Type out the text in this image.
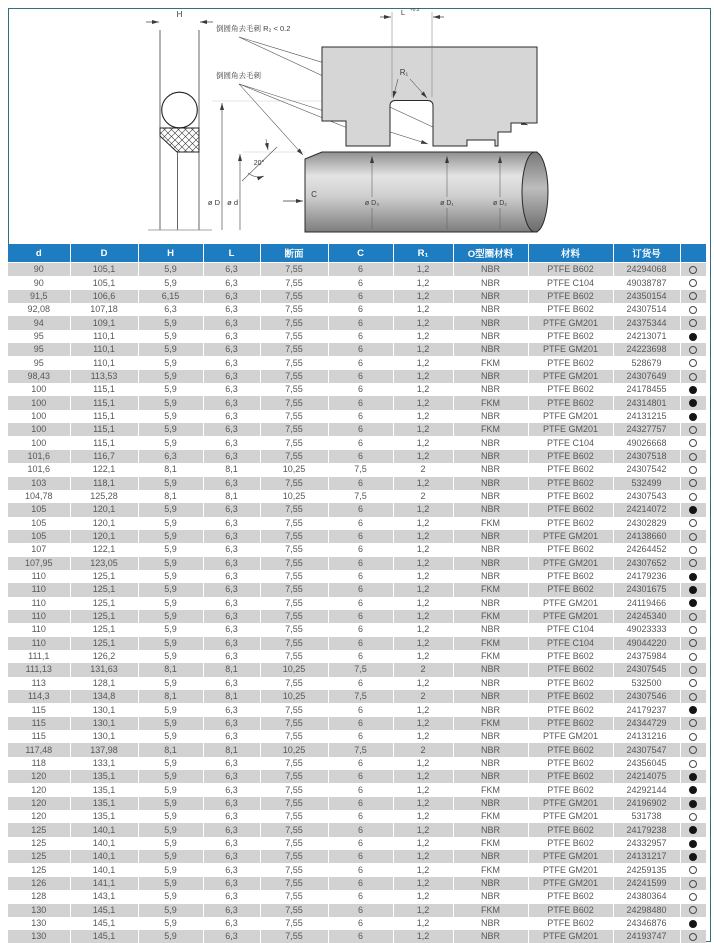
H
倒圆角去毛刺 R₂ < 0.2
倒圆角去毛刺
ø D ø d
20°
L +0.2
R₁
C
ø D₃	ø D₁	ø D₂
d	D	H	L	断面	C	R₁	O型圈材料	材料	订货号	
90	105,1	5,9	6,3	7,55	6	1,2	NBR	PTFE B602	24294068	
90	105,1	5,9	6,3	7,55	6	1,2	NBR	PTFE C104	49038787	
91,5	106,6	6,15	6,3	7,55	6	1,2	NBR	PTFE B602	24350154	
92,08	107,18	6,3	6,3	7,55	6	1,2	NBR	PTFE B602	24307514	
94	109,1	5,9	6,3	7,55	6	1,2	NBR	PTFE GM201	24375344	
95	110,1	5,9	6,3	7,55	6	1,2	NBR	PTFE B602	24213071	
95	110,1	5,9	6,3	7,55	6	1,2	NBR	PTFE GM201	24223698	
95	110,1	5,9	6,3	7,55	6	1,2	FKM	PTFE B602	528679	
98,43	113,53	5,9	6,3	7,55	6	1,2	NBR	PTFE GM201	24307649	
100	115,1	5,9	6,3	7,55	6	1,2	NBR	PTFE B602	24178455	
100	115,1	5,9	6,3	7,55	6	1,2	FKM	PTFE B602	24314801	
100	115,1	5,9	6,3	7,55	6	1,2	NBR	PTFE GM201	24131215	
100	115,1	5,9	6,3	7,55	6	1,2	FKM	PTFE GM201	24327757	
100	115,1	5,9	6,3	7,55	6	1,2	NBR	PTFE C104	49026668	
101,6	116,7	6,3	6,3	7,55	6	1,2	NBR	PTFE B602	24307518	
101,6	122,1	8,1	8,1	10,25	7,5	2	NBR	PTFE B602	24307542	
103	118,1	5,9	6,3	7,55	6	1,2	NBR	PTFE B602	532499	
104,78	125,28	8,1	8,1	10,25	7,5	2	NBR	PTFE B602	24307543	
105	120,1	5,9	6,3	7,55	6	1,2	NBR	PTFE B602	24214072	
105	120,1	5,9	6,3	7,55	6	1,2	FKM	PTFE B602	24302829	
105	120,1	5,9	6,3	7,55	6	1,2	NBR	PTFE GM201	24138660	
107	122,1	5,9	6,3	7,55	6	1,2	NBR	PTFE B602	24264452	
107,95	123,05	5,9	6,3	7,55	6	1,2	NBR	PTFE GM201	24307652	
110	125,1	5,9	6,3	7,55	6	1,2	NBR	PTFE B602	24179236	
110	125,1	5,9	6,3	7,55	6	1,2	FKM	PTFE B602	24301675	
110	125,1	5,9	6,3	7,55	6	1,2	NBR	PTFE GM201	24119466	
110	125,1	5,9	6,3	7,55	6	1,2	FKM	PTFE GM201	24245340	
110	125,1	5,9	6,3	7,55	6	1,2	NBR	PTFE C104	49023333	
110	125,1	5,9	6,3	7,55	6	1,2	FKM	PTFE C104	49044220	
111,1	126,2	5,9	6,3	7,55	6	1,2	FKM	PTFE B602	24375984	
111,13	131,63	8,1	8,1	10,25	7,5	2	NBR	PTFE B602	24307545	
113	128,1	5,9	6,3	7,55	6	1,2	NBR	PTFE B602	532500	
114,3	134,8	8,1	8,1	10,25	7,5	2	NBR	PTFE B602	24307546	
115	130,1	5,9	6,3	7,55	6	1,2	NBR	PTFE B602	24179237	
115	130,1	5,9	6,3	7,55	6	1,2	FKM	PTFE B602	24344729	
115	130,1	5,9	6,3	7,55	6	1,2	NBR	PTFE GM201	24131216	
117,48	137,98	8,1	8,1	10,25	7,5	2	NBR	PTFE B602	24307547	
118	133,1	5,9	6,3	7,55	6	1,2	NBR	PTFE B602	24356045	
120	135,1	5,9	6,3	7,55	6	1,2	NBR	PTFE B602	24214075	
120	135,1	5,9	6,3	7,55	6	1,2	FKM	PTFE B602	24292144	
120	135,1	5,9	6,3	7,55	6	1,2	NBR	PTFE GM201	24196902	
120	135,1	5,9	6,3	7,55	6	1,2	FKM	PTFE GM201	531738	
125	140,1	5,9	6,3	7,55	6	1,2	NBR	PTFE B602	24179238	
125	140,1	5,9	6,3	7,55	6	1,2	FKM	PTFE B602	24332957	
125	140,1	5,9	6,3	7,55	6	1,2	NBR	PTFE GM201	24131217	
125	140,1	5,9	6,3	7,55	6	1,2	FKM	PTFE GM201	24259135	
126	141,1	5,9	6,3	7,55	6	1,2	NBR	PTFE GM201	24241599	
128	143,1	5,9	6,3	7,55	6	1,2	NBR	PTFE B602	24380364	
130	145,1	5,9	6,3	7,55	6	1,2	FKM	PTFE B602	24298480	
130	145,1	5,9	6,3	7,55	6	1,2	NBR	PTFE B602	24346876	
130	145,1	5,9	6,3	7,55	6	1,2	NBR	PTFE GM201	24193747	
